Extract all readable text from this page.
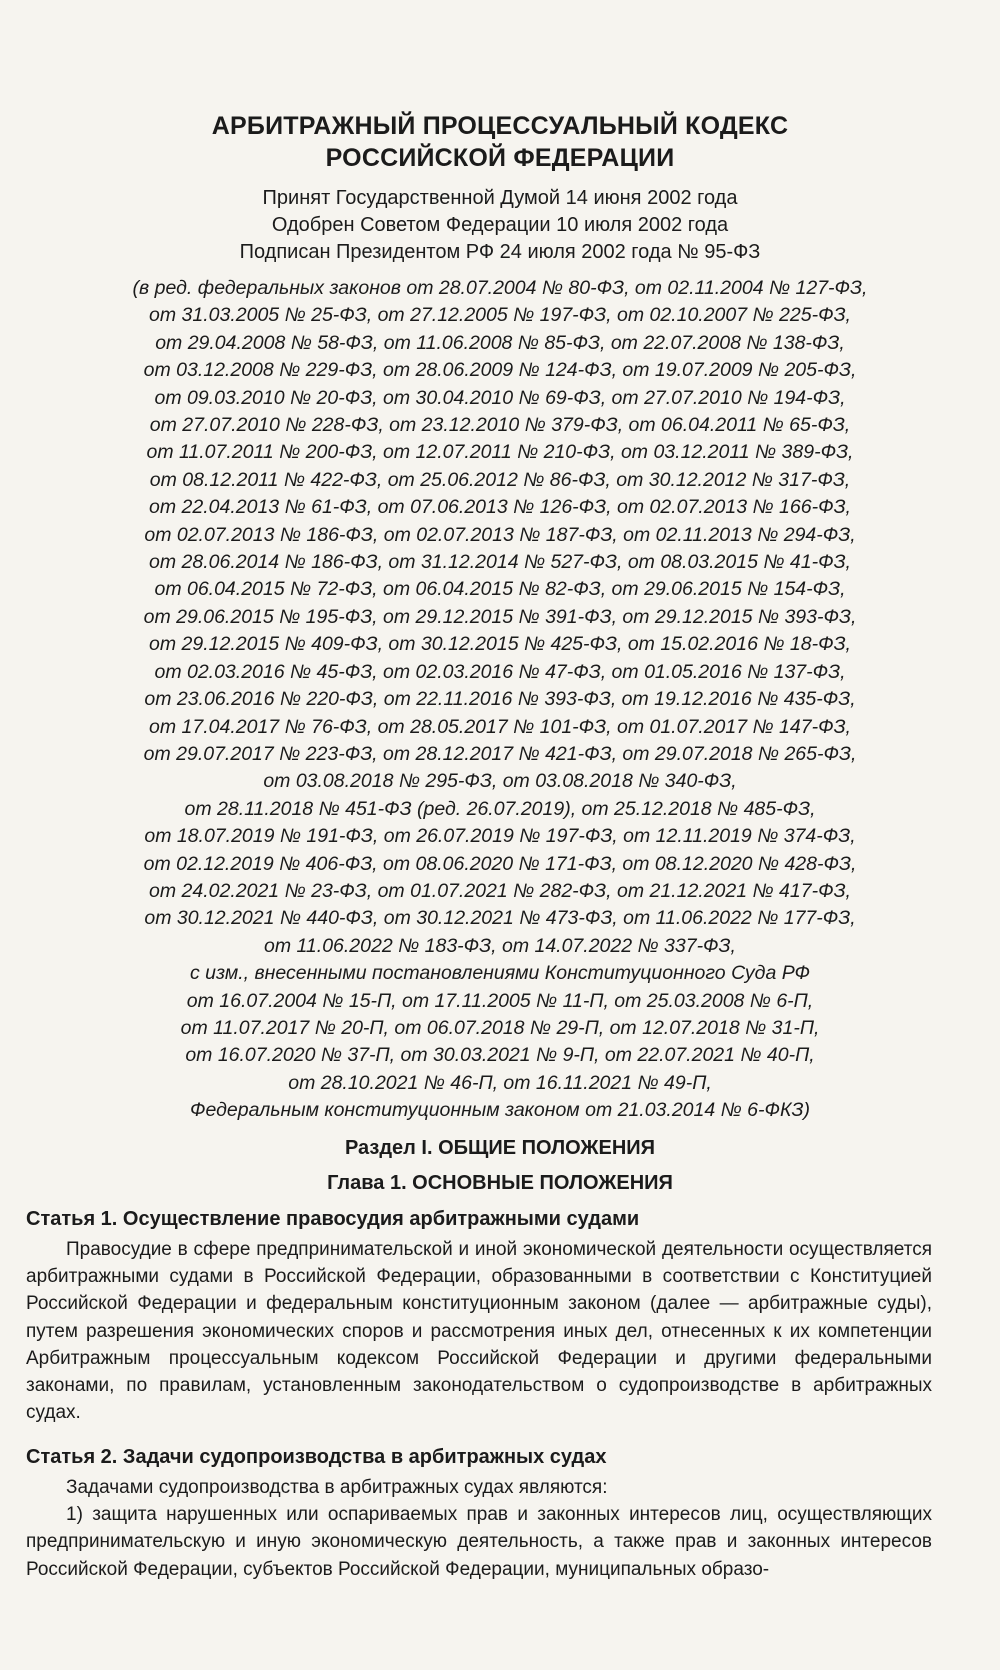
АРБИТРАЖНЫЙ ПРОЦЕССУАЛЬНЫЙ КОДЕКС
РОССИЙСКОЙ ФЕДЕРАЦИИ
Принят Государственной Думой 14 июня 2002 года
Одобрен Советом Федерации 10 июля 2002 года
Подписан Президентом РФ 24 июля 2002 года № 95-ФЗ
(в ред. федеральных законов от 28.07.2004 № 80-ФЗ, от 02.11.2004 № 127-ФЗ,
от 31.03.2005 № 25-ФЗ, от 27.12.2005 № 197-ФЗ, от 02.10.2007 № 225-ФЗ,
от 29.04.2008 № 58-ФЗ, от 11.06.2008 № 85-ФЗ, от 22.07.2008 № 138-ФЗ,
от 03.12.2008 № 229-ФЗ, от 28.06.2009 № 124-ФЗ, от 19.07.2009 № 205-ФЗ,
от 09.03.2010 № 20-ФЗ, от 30.04.2010 № 69-ФЗ, от 27.07.2010 № 194-ФЗ,
от 27.07.2010 № 228-ФЗ, от 23.12.2010 № 379-ФЗ, от 06.04.2011 № 65-ФЗ,
от 11.07.2011 № 200-ФЗ, от 12.07.2011 № 210-ФЗ, от 03.12.2011 № 389-ФЗ,
от 08.12.2011 № 422-ФЗ, от 25.06.2012 № 86-ФЗ, от 30.12.2012 № 317-ФЗ,
от 22.04.2013 № 61-ФЗ, от 07.06.2013 № 126-ФЗ, от 02.07.2013 № 166-ФЗ,
от 02.07.2013 № 186-ФЗ, от 02.07.2013 № 187-ФЗ, от 02.11.2013 № 294-ФЗ,
от 28.06.2014 № 186-ФЗ, от 31.12.2014 № 527-ФЗ, от 08.03.2015 № 41-ФЗ,
от 06.04.2015 № 72-ФЗ, от 06.04.2015 № 82-ФЗ, от 29.06.2015 № 154-ФЗ,
от 29.06.2015 № 195-ФЗ, от 29.12.2015 № 391-ФЗ, от 29.12.2015 № 393-ФЗ,
от 29.12.2015 № 409-ФЗ, от 30.12.2015 № 425-ФЗ, от 15.02.2016 № 18-ФЗ,
от 02.03.2016 № 45-ФЗ, от 02.03.2016 № 47-ФЗ, от 01.05.2016 № 137-ФЗ,
от 23.06.2016 № 220-ФЗ, от 22.11.2016 № 393-ФЗ, от 19.12.2016 № 435-ФЗ,
от 17.04.2017 № 76-ФЗ, от 28.05.2017 № 101-ФЗ, от 01.07.2017 № 147-ФЗ,
от 29.07.2017 № 223-ФЗ, от 28.12.2017 № 421-ФЗ, от 29.07.2018 № 265-ФЗ,
от 03.08.2018 № 295-ФЗ, от 03.08.2018 № 340-ФЗ,
от 28.11.2018 № 451-ФЗ (ред. 26.07.2019), от 25.12.2018 № 485-ФЗ,
от 18.07.2019 № 191-ФЗ, от 26.07.2019 № 197-ФЗ, от 12.11.2019 № 374-ФЗ,
от 02.12.2019 № 406-ФЗ, от 08.06.2020 № 171-ФЗ, от 08.12.2020 № 428-ФЗ,
от 24.02.2021 № 23-ФЗ, от 01.07.2021 № 282-ФЗ, от 21.12.2021 № 417-ФЗ,
от 30.12.2021 № 440-ФЗ, от 30.12.2021 № 473-ФЗ, от 11.06.2022 № 177-ФЗ,
от 11.06.2022 № 183-ФЗ, от 14.07.2022 № 337-ФЗ,
с изм., внесенными постановлениями Конституционного Суда РФ
от 16.07.2004 № 15-П, от 17.11.2005 № 11-П, от 25.03.2008 № 6-П,
от 11.07.2017 № 20-П, от 06.07.2018 № 29-П, от 12.07.2018 № 31-П,
от 16.07.2020 № 37-П, от 30.03.2021 № 9-П, от 22.07.2021 № 40-П,
от 28.10.2021 № 46-П, от 16.11.2021 № 49-П,
Федеральным конституционным законом от 21.03.2014 № 6-ФКЗ)
Раздел I. ОБЩИЕ ПОЛОЖЕНИЯ
Глава 1. ОСНОВНЫЕ ПОЛОЖЕНИЯ
Статья 1. Осуществление правосудия арбитражными судами
Правосудие в сфере предпринимательской и иной экономической деятельности осуществляется арбитражными судами в Российской Федерации, образованными в соответствии с Конституцией Российской Федерации и федеральным конституционным законом (далее — арбитражные суды), путем разрешения экономических споров и рассмотрения иных дел, отнесенных к их компетенции Арбитражным процессуальным кодексом Российской Федерации и другими федеральными законами, по правилам, установленным законодательством о судопроизводстве в арбитражных судах.
Статья 2. Задачи судопроизводства в арбитражных судах
Задачами судопроизводства в арбитражных судах являются:
1) защита нарушенных или оспариваемых прав и законных интересов лиц, осуществляющих предпринимательскую и иную экономическую деятельность, а также прав и законных интересов Российской Федерации, субъектов Российской Федерации, муниципальных образо-
